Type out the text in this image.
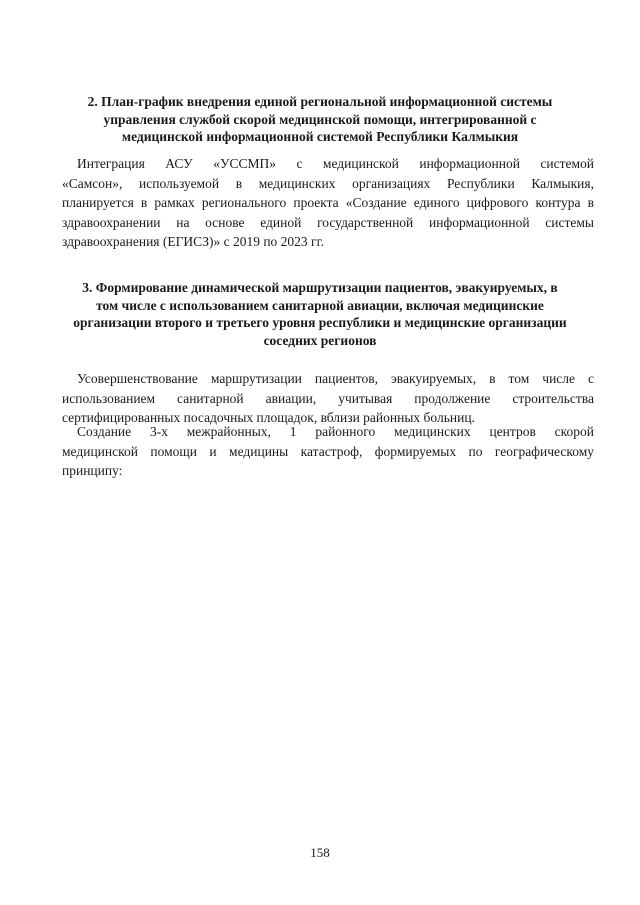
2. План-график внедрения единой региональной информационной системы
управления службой скорой медицинской помощи, интегрированной с
медицинской информационной системой Республики Калмыкия

Интеграция АСУ «УССМП» с медицинской информационной системой
«Самсон», используемой в медицинских организациях Республики Калмыкия,
планируется в рамках регионального проекта «Создание единого цифрового контура в
здравоохранении на основе единой государственной информационной системы
здравоохранения (ЕГИСЗ)» с 2019 по 2023 гг.

3. Формирование динамической маршрутизации пациентов, эвакуируемых, в
том числе с использованием санитарной авиации, включая медицинские
организации второго и третьего уровня республики и медицинские организации
соседних регионов

Усовершенствование маршрутизации пациентов, эвакуируемых, в том числе с
использованием санитарной авиации, учитывая продолжение строительства
сертифицированных посадочных площадок, вблизи районных больниц.

Создание 3-х межрайонных, 1 районного медицинских центров скорой
медицинской помощи и медицины катастроф, формируемых по географическому
принципу:

158
